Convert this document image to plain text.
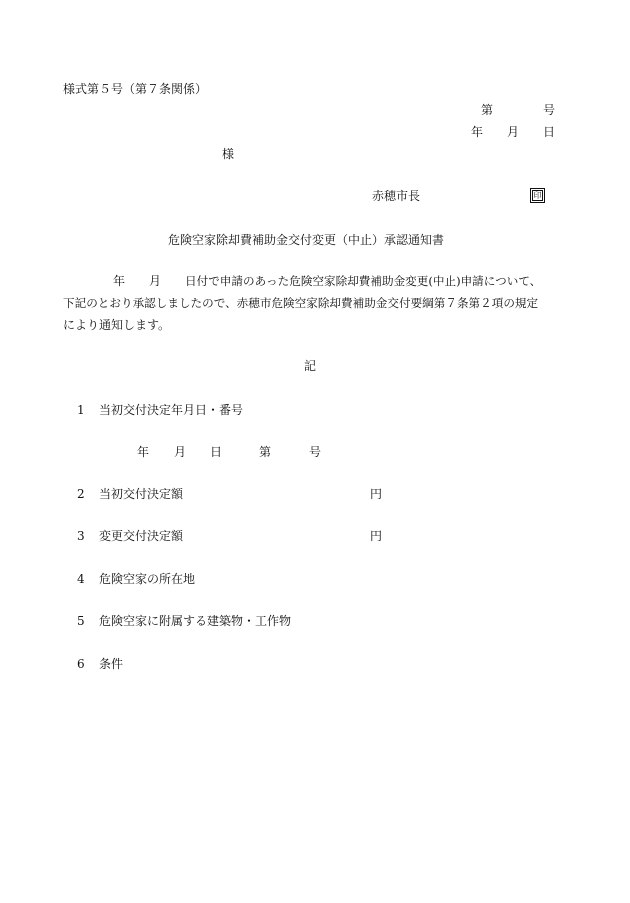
様式第５号（第７条関係）
第	号
年 月 日
様
赤穂市長	印
危険空家除却費補助金交付変更（中止）承認通知書
年 月 日付で申請のあった危険空家除却費補助金変更(中止)申請について、
下記のとおり承認しましたので、赤穂市危険空家除却費補助金交付要綱第７条第２項の規定
により通知します。
記
1 当初交付決定年月日・番号
年 月 日	第	号
2 当初交付決定額	円
3 変更交付決定額	円
4 危険空家の所在地
5 危険空家に附属する建築物・工作物
6 条件
